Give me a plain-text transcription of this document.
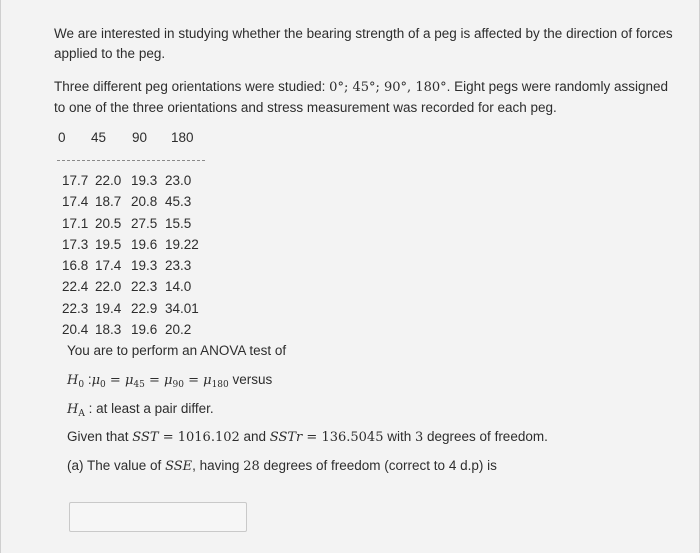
We are interested in studying whether the bearing strength of a peg is affected by the direction of forces applied to the peg.

Three different peg orientations were studied: 0°; 45°; 90°, 180°. Eight pegs were randomly assigned to one of the three orientations and stress measurement was recorded for each peg.

0 45 90 180
17.7 22.0 19.3 23.0
17.4 18.7 20.8 45.3
17.1 20.5 27.5 15.5
17.3 19.5 19.6 19.22
16.8 17.4 19.3 23.3
22.4 22.0 22.3 14.0
22.3 19.4 22.9 34.01
20.4 18.3 19.6 20.2
You are to perform an ANOVA test of
$H_0$ $:\mu_0 = \mu_{45} = \mu_{90} = \mu_{180}$ versus
$H_A$ : at least a pair differ.
Given that SST = 1016.102 and SSTr = 136.5045 with 3 degrees of freedom.
(a) The value of SSE, having 28 degrees of freedom (correct to 4 d.p) is
